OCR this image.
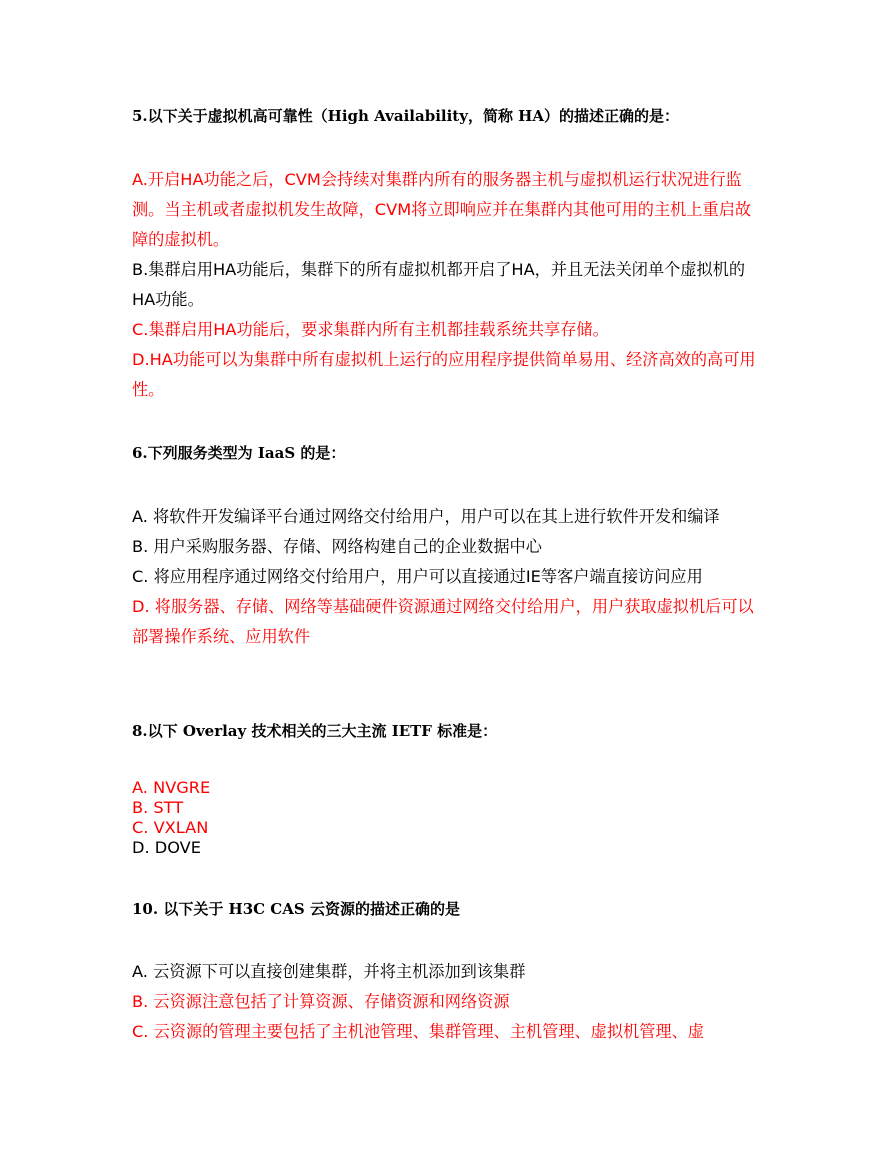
5.以下关于虚拟机高可靠性（High Availability，简称 HA）的描述正确的是：
A.开启HA功能之后，CVM会持续对集群内所有的服务器主机与虚拟机运行状况进行监测。当主机或者虚拟机发生故障，CVM将立即响应并在集群内其他可用的主机上重启故障的虚拟机。
B.集群启用HA功能后，集群下的所有虚拟机都开启了HA，并且无法关闭单个虚拟机的HA功能。
C.集群启用HA功能后，要求集群内所有主机都挂载系统共享存储。
D.HA功能可以为集群中所有虚拟机上运行的应用程序提供简单易用、经济高效的高可用性。
6.下列服务类型为 IaaS 的是：
A. 将软件开发编译平台通过网络交付给用户，用户可以在其上进行软件开发和编译
B. 用户采购服务器、存储、网络构建自己的企业数据中心
C. 将应用程序通过网络交付给用户，用户可以直接通过IE等客户端直接访问应用
D. 将服务器、存储、网络等基础硬件资源通过网络交付给用户，用户获取虚拟机后可以部署操作系统、应用软件
8.以下 Overlay 技术相关的三大主流 IETF 标准是：
A. NVGRE
B. STT
C. VXLAN
D. DOVE
10. 以下关于 H3C CAS 云资源的描述正确的是
A. 云资源下可以直接创建集群，并将主机添加到该集群
B. 云资源注意包括了计算资源、存储资源和网络资源
C. 云资源的管理主要包括了主机池管理、集群管理、主机管理、虚拟机管理、虚
